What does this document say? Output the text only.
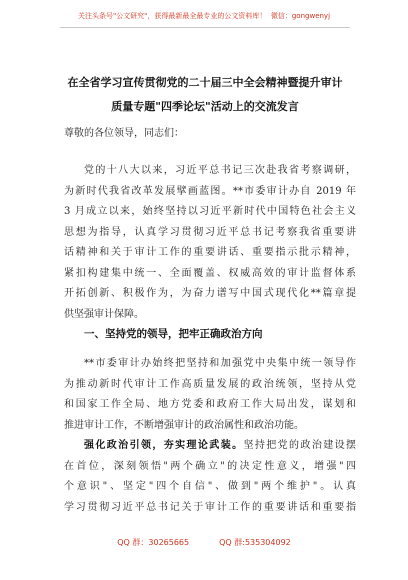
关注头条号"公文研究"，获得最新最全最专业的公文资料库！ 微信：gongwenyj
在全省学习宣传贯彻党的二十届三中全会精神暨提升审计
质量专题"四季论坛"活动上的交流发言
尊敬的各位领导，同志们：
党的十八大以来，习近平总书记三次赴我省考察调研，
为新时代我省改革发展擘画蓝图。**市委审计办自 2019 年
3 月成立以来，始终坚持以习近平新时代中国特色社会主义
思想为指导，认真学习贯彻习近平总书记考察我省重要讲
话精神和关于审计工作的重要讲话、重要指示批示精神，
紧扣构建集中统一、全面覆盖、权威高效的审计监督体系
开拓创新、积极作为，为奋力谱写中国式现代化**篇章提
供坚强审计保障。
一、坚持党的领导，把牢正确政治方向
**市委审计办始终把坚持和加强党中央集中统一领导作
为推动新时代审计工作高质量发展的政治统领，坚持从党
和国家工作全局、地方党委和政府工作大局出发，谋划和
推进审计工作，不断增强审计的政治属性和政治功能。
强化政治引领，夯实理论武装。坚持把党的政治建设摆
在首位，深刻领悟"两个确立"的决定性意义，增强"四
个意识"、坚定"四个自信"、做到"两个维护"。认真
学习贯彻习近平总书记关于审计工作的重要讲话和重要指
QQ 群：30265665	QQ 群:535304092
